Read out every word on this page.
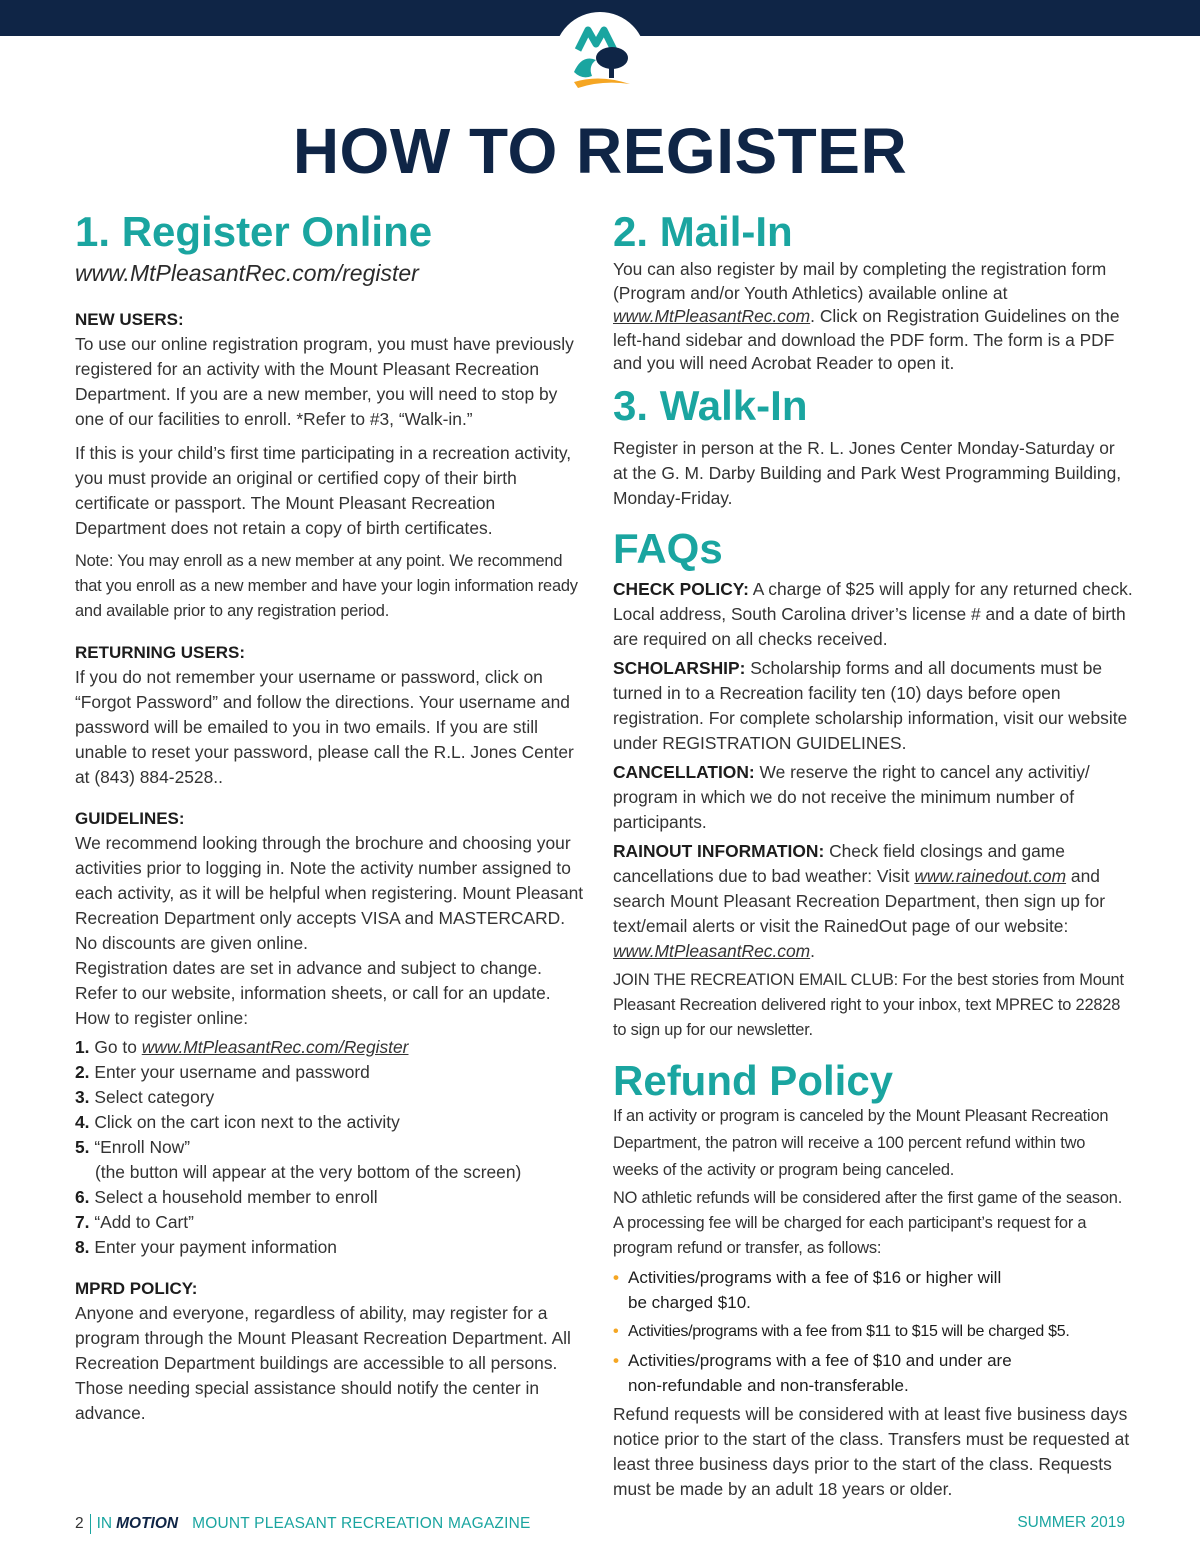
HOW TO REGISTER
1. Register Online
www.MtPleasantRec.com/register
NEW USERS:

To use our online registration program, you must have previously registered for an activity with the Mount Pleasant Recreation Department. If you are a new member, you will need to stop by one of our facilities to enroll. *Refer to #3, “Walk-in.”

If this is your child’s first time participating in a recreation activity, you must provide an original or certified copy of their birth certificate or passport. The Mount Pleasant Recreation Department does not retain a copy of birth certificates.

Note: You may enroll as a new member at any point. We recommend that you enroll as a new member and have your login information ready and available prior to any registration period.

RETURNING USERS:

If you do not remember your username or password, click on “Forgot Password” and follow the directions. Your username and password will be emailed to you in two emails. If you are still unable to reset your password, please call the R.L. Jones Center at (843) 884-2528..

GUIDELINES:

We recommend looking through the brochure and choosing your activities prior to logging in. Note the activity number assigned to each activity, as it will be helpful when registering. Mount Pleasant Recreation Department only accepts VISA and MASTERCARD. No discounts are given online.

Registration dates are set in advance and subject to change. Refer to our website, information sheets, or call for an update.

How to register online:

1. Go to www.MtPleasantRec.com/Register
2. Enter your username and password
3. Select category
4. Click on the cart icon next to the activity
5. “Enroll Now”
(the button will appear at the very bottom of the screen)
6. Select a household member to enroll
7. “Add to Cart”
8. Enter your payment information
MPRD POLICY:

Anyone and everyone, regardless of ability, may register for a program through the Mount Pleasant Recreation Department. All Recreation Department buildings are accessible to all persons. Those needing special assistance should notify the center in advance.

2. Mail-In

You can also register by mail by completing the registration form (Program and/or Youth Athletics) available online at www.MtPleasantRec.com. Click on Registration Guidelines on the left-hand sidebar and download the PDF form. The form is a PDF and you will need Acrobat Reader to open it.

3. Walk-In

Register in person at the R. L. Jones Center Monday-Saturday or at the G. M. Darby Building and Park West Programming Building, Monday-Friday.

FAQs

CHECK POLICY: A charge of $25 will apply for any returned check. Local address, South Carolina driver’s license # and a date of birth are required on all checks received.

SCHOLARSHIP: Scholarship forms and all documents must be turned in to a Recreation facility ten (10) days before open registration. For complete scholarship information, visit our website under REGISTRATION GUIDELINES.

CANCELLATION: We reserve the right to cancel any activitiy/ program in which we do not receive the minimum number of participants.

RAINOUT INFORMATION: Check field closings and game cancellations due to bad weather: Visit www.rainedout.com and search Mount Pleasant Recreation Department, then sign up for text/email alerts or visit the RainedOut page of our website: www.MtPleasantRec.com.

JOIN THE RECREATION EMAIL CLUB: For the best stories from Mount Pleasant Recreation delivered right to your inbox, text MPREC to 22828 to sign up for our newsletter.

Refund Policy

If an activity or program is canceled by the Mount Pleasant Recreation Department, the patron will receive a 100 percent refund within two weeks of the activity or program being canceled.

NO athletic refunds will be considered after the first game of the season. A processing fee will be charged for each participant’s request for a program refund or transfer, as follows:

• Activities/programs with a fee of $16 or higher will be charged $10.
• Activities/programs with a fee from $11 to $15 will be charged $5.
• Activities/programs with a fee of $10 and under are non-refundable and non-transferable.

Refund requests will be considered with at least five business days notice prior to the start of the class. Transfers must be requested at least three business days prior to the start of the class. Requests must be made by an adult 18 years or older.

2 IN MOTION MOUNT PLEASANT RECREATION MAGAZINE	SUMMER 2019
